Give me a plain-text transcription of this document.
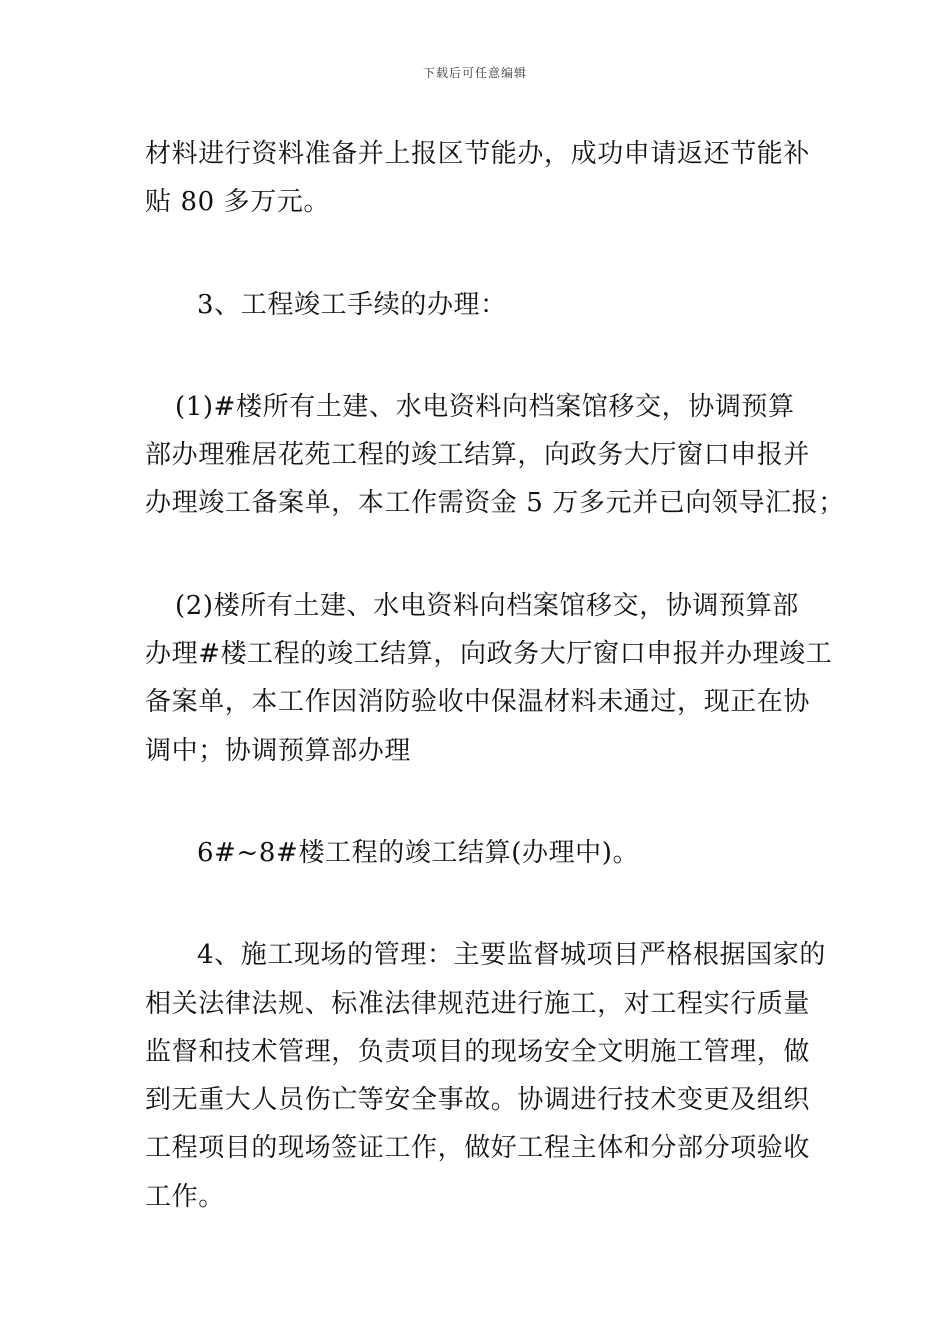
下载后可任意编辑

材料进行资料准备并上报区节能办，成功申请返还节能补
贴 80 多万元。

3、工程竣工手续的办理：

(1)#楼所有土建、水电资料向档案馆移交，协调预算
部办理雅居花苑工程的竣工结算，向政务大厅窗口申报并
办理竣工备案单，本工作需资金 5 万多元并已向领导汇报；

(2)楼所有土建、水电资料向档案馆移交，协调预算部
办理#楼工程的竣工结算，向政务大厅窗口申报并办理竣工
备案单，本工作因消防验收中保温材料未通过，现正在协
调中；协调预算部办理

6#~8#楼工程的竣工结算(办理中)。

4、施工现场的管理：主要监督城项目严格根据国家的
相关法律法规、标准法律规范进行施工，对工程实行质量
监督和技术管理，负责项目的现场安全文明施工管理，做
到无重大人员伤亡等安全事故。协调进行技术变更及组织
工程项目的现场签证工作，做好工程主体和分部分项验收
工作。
